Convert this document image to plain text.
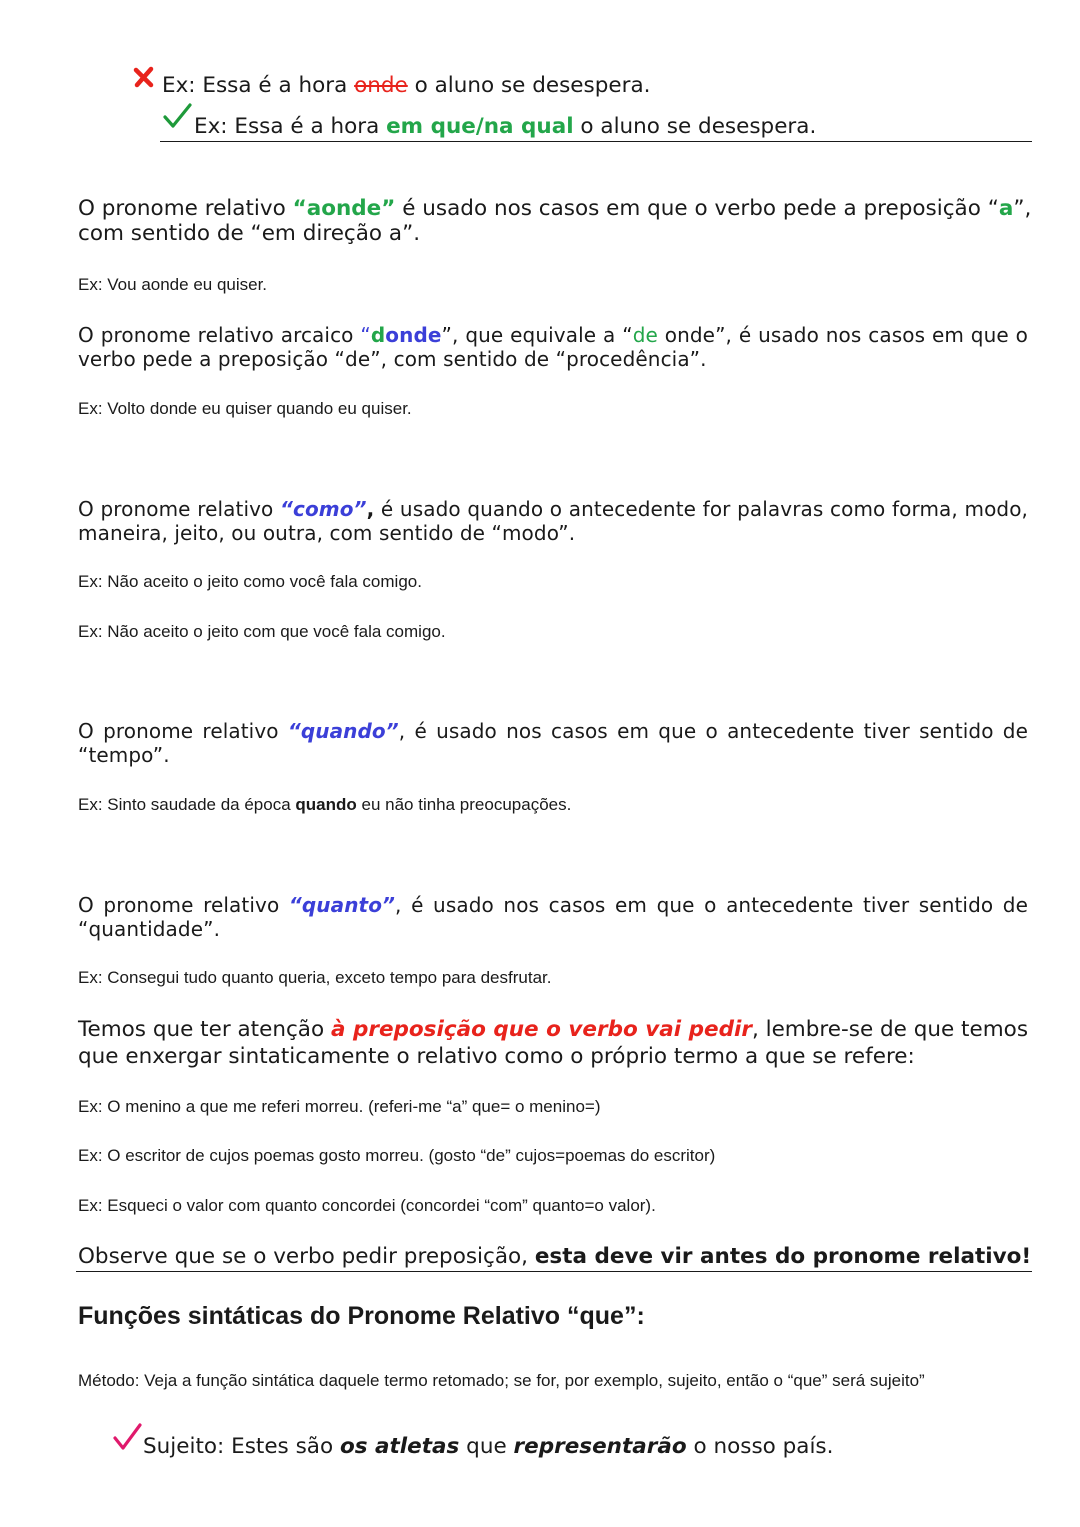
Ex: Essa é a hora onde o aluno se desespera.
Ex: Essa é a hora em que/na qual o aluno se desespera.
O pronome relativo “aonde” é usado nos casos em que o verbo pede a preposição “a”,
com sentido de “em direção a”.
Ex: Vou aonde eu quiser.
O pronome relativo arcaico “donde”, que equivale a “de onde”, é usado nos casos em que o
verbo pede a preposição “de”, com sentido de “procedência”.
Ex: Volto donde eu quiser quando eu quiser.
O pronome relativo “como”, é usado quando o antecedente for palavras como forma, modo,
maneira, jeito, ou outra, com sentido de “modo”.
Ex: Não aceito o jeito como você fala comigo.
Ex: Não aceito o jeito com que você fala comigo.
O pronome relativo “quando”, é usado nos casos em que o antecedente tiver sentido de
“tempo”.
Ex: Sinto saudade da época quando eu não tinha preocupações.
O pronome relativo “quanto”, é usado nos casos em que o antecedente tiver sentido de
“quantidade”.
Ex: Consegui tudo quanto queria, exceto tempo para desfrutar.
Temos que ter atenção à preposição que o verbo vai pedir, lembre-se de que temos
que enxergar sintaticamente o relativo como o próprio termo a que se refere:
Ex: O menino a que me referi morreu. (referi-me “a” que= o menino=)
Ex: O escritor de cujos poemas gosto morreu. (gosto “de” cujos=poemas do escritor)
Ex: Esqueci o valor com quanto concordei (concordei “com” quanto=o valor).
Observe que se o verbo pedir preposição, esta deve vir antes do pronome relativo!
Funções sintáticas do Pronome Relativo “que”:
Método: Veja a função sintática daquele termo retomado; se for, por exemplo, sujeito, então o “que” será sujeito”
Sujeito: Estes são os atletas que representarão o nosso país.
